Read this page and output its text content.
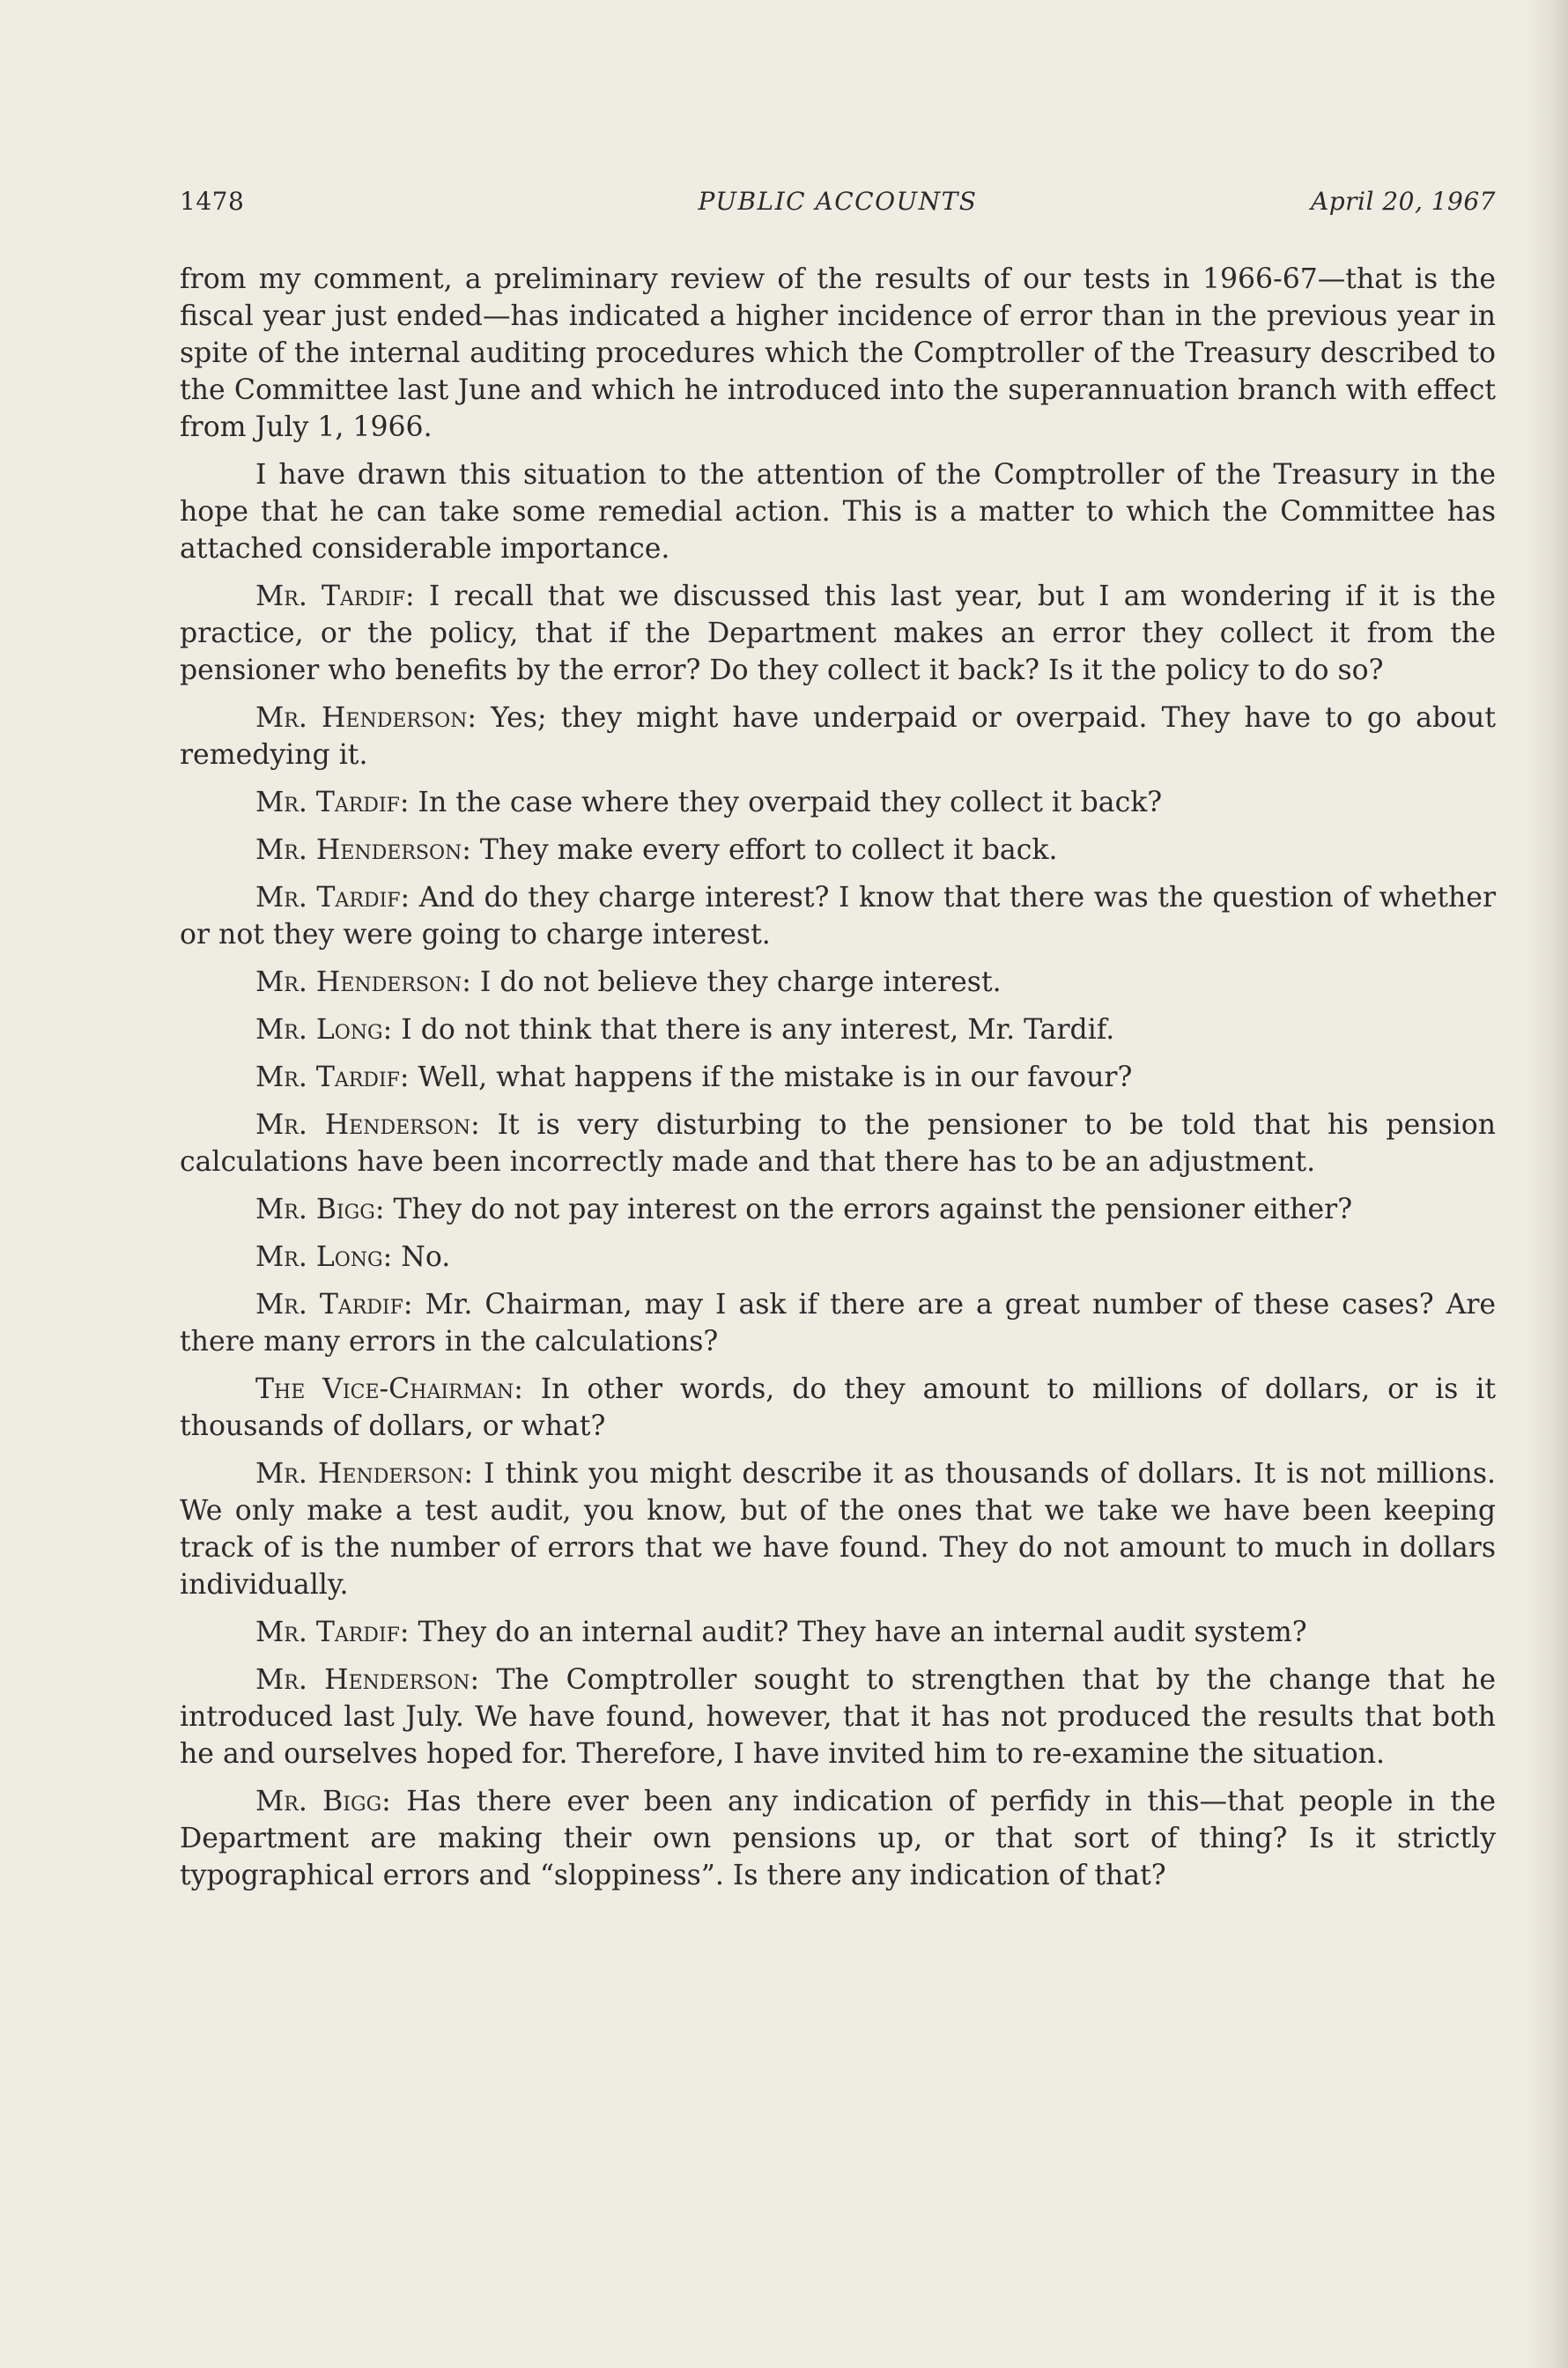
1478	PUBLIC ACCOUNTS	April 20, 1967

from my comment, a preliminary review of the results of our tests in 1966-67—that is the fiscal year just ended—has indicated a higher incidence of error than in the previous year in spite of the internal auditing procedures which the Comptroller of the Treasury described to the Committee last June and which he introduced into the superannuation branch with effect from July 1, 1966.

I have drawn this situation to the attention of the Comptroller of the Treasury in the hope that he can take some remedial action. This is a matter to which the Committee has attached considerable importance.

Mr. Tardif: I recall that we discussed this last year, but I am wondering if it is the practice, or the policy, that if the Department makes an error they collect it from the pensioner who benefits by the error? Do they collect it back? Is it the policy to do so?

Mr. Henderson: Yes; they might have underpaid or overpaid. They have to go about remedying it.

Mr. Tardif: In the case where they overpaid they collect it back?

Mr. Henderson: They make every effort to collect it back.

Mr. Tardif: And do they charge interest? I know that there was the question of whether or not they were going to charge interest.

Mr. Henderson: I do not believe they charge interest.

Mr. Long: I do not think that there is any interest, Mr. Tardif.

Mr. Tardif: Well, what happens if the mistake is in our favour?

Mr. Henderson: It is very disturbing to the pensioner to be told that his pension calculations have been incorrectly made and that there has to be an adjustment.

Mr. Bigg: They do not pay interest on the errors against the pensioner either?

Mr. Long: No.

Mr. Tardif: Mr. Chairman, may I ask if there are a great number of these cases? Are there many errors in the calculations?

The Vice-Chairman: In other words, do they amount to millions of dollars, or is it thousands of dollars, or what?

Mr. Henderson: I think you might describe it as thousands of dollars. It is not millions. We only make a test audit, you know, but of the ones that we take we have been keeping track of is the number of errors that we have found. They do not amount to much in dollars individually.

Mr. Tardif: They do an internal audit? They have an internal audit system?

Mr. Henderson: The Comptroller sought to strengthen that by the change that he introduced last July. We have found, however, that it has not produced the results that both he and ourselves hoped for. Therefore, I have invited him to re-examine the situation.

Mr. Bigg: Has there ever been any indication of perfidy in this—that people in the Department are making their own pensions up, or that sort of thing? Is it strictly typographical errors and “sloppiness”. Is there any indication of that?
